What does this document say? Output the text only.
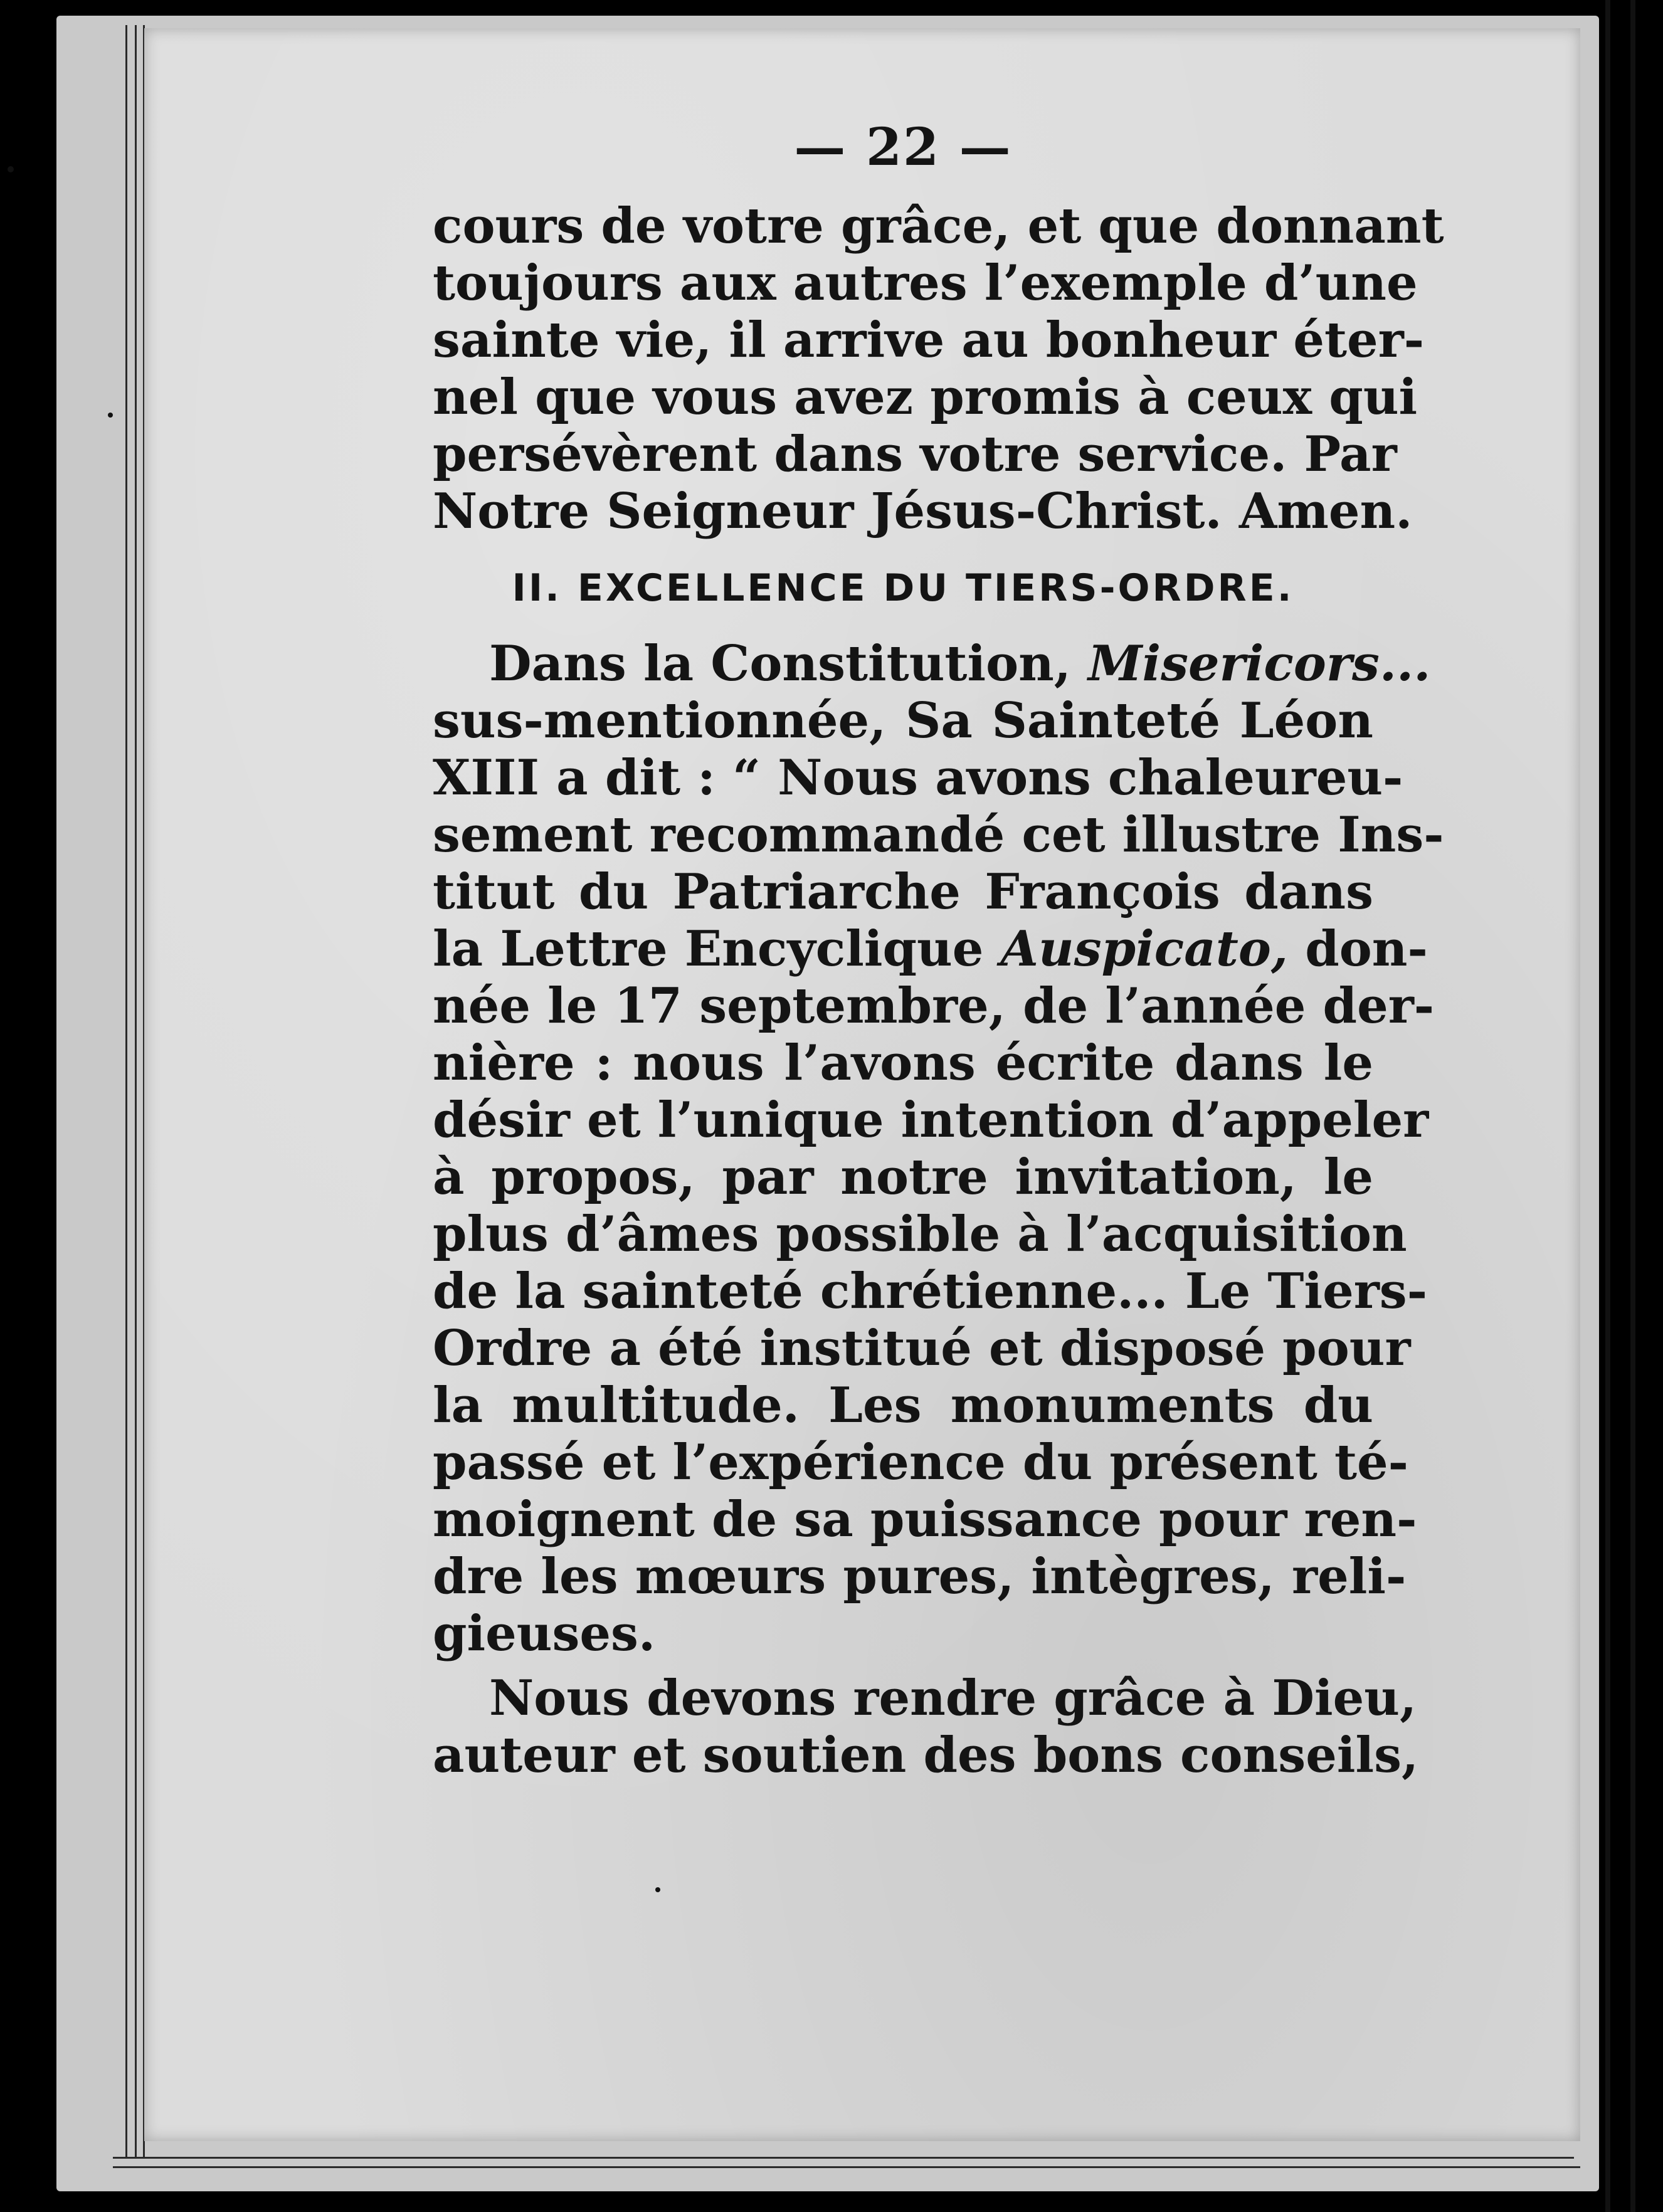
— 22 —

cours de votre grâce, et que donnant
toujours aux autres l’exemple d’une
sainte vie, il arrive au bonheur éter-
nel que vous avez promis à ceux qui
persévèrent dans votre service. Par
Notre Seigneur Jésus-Christ. Amen.

II. EXCELLENCE DU TIERS-ORDRE.

Dans la Constitution, Misericors...
sus-mentionnée, Sa Sainteté Léon
XIII a dit : “ Nous avons chaleureu-
sement recommandé cet illustre Ins-
titut du Patriarche François dans
la Lettre Encyclique Auspicato, don-
née le 17 septembre, de l’année der-
nière : nous l’avons écrite dans le
désir et l’unique intention d’appeler
à propos, par notre invitation, le
plus d’âmes possible à l’acquisition
de la sainteté chrétienne... Le Tiers-
Ordre a été institué et disposé pour
la multitude. Les monuments du
passé et l’expérience du présent té-
moignent de sa puissance pour ren-
dre les mœurs pures, intègres, reli-
gieuses.

Nous devons rendre grâce à Dieu,
auteur et soutien des bons conseils,
